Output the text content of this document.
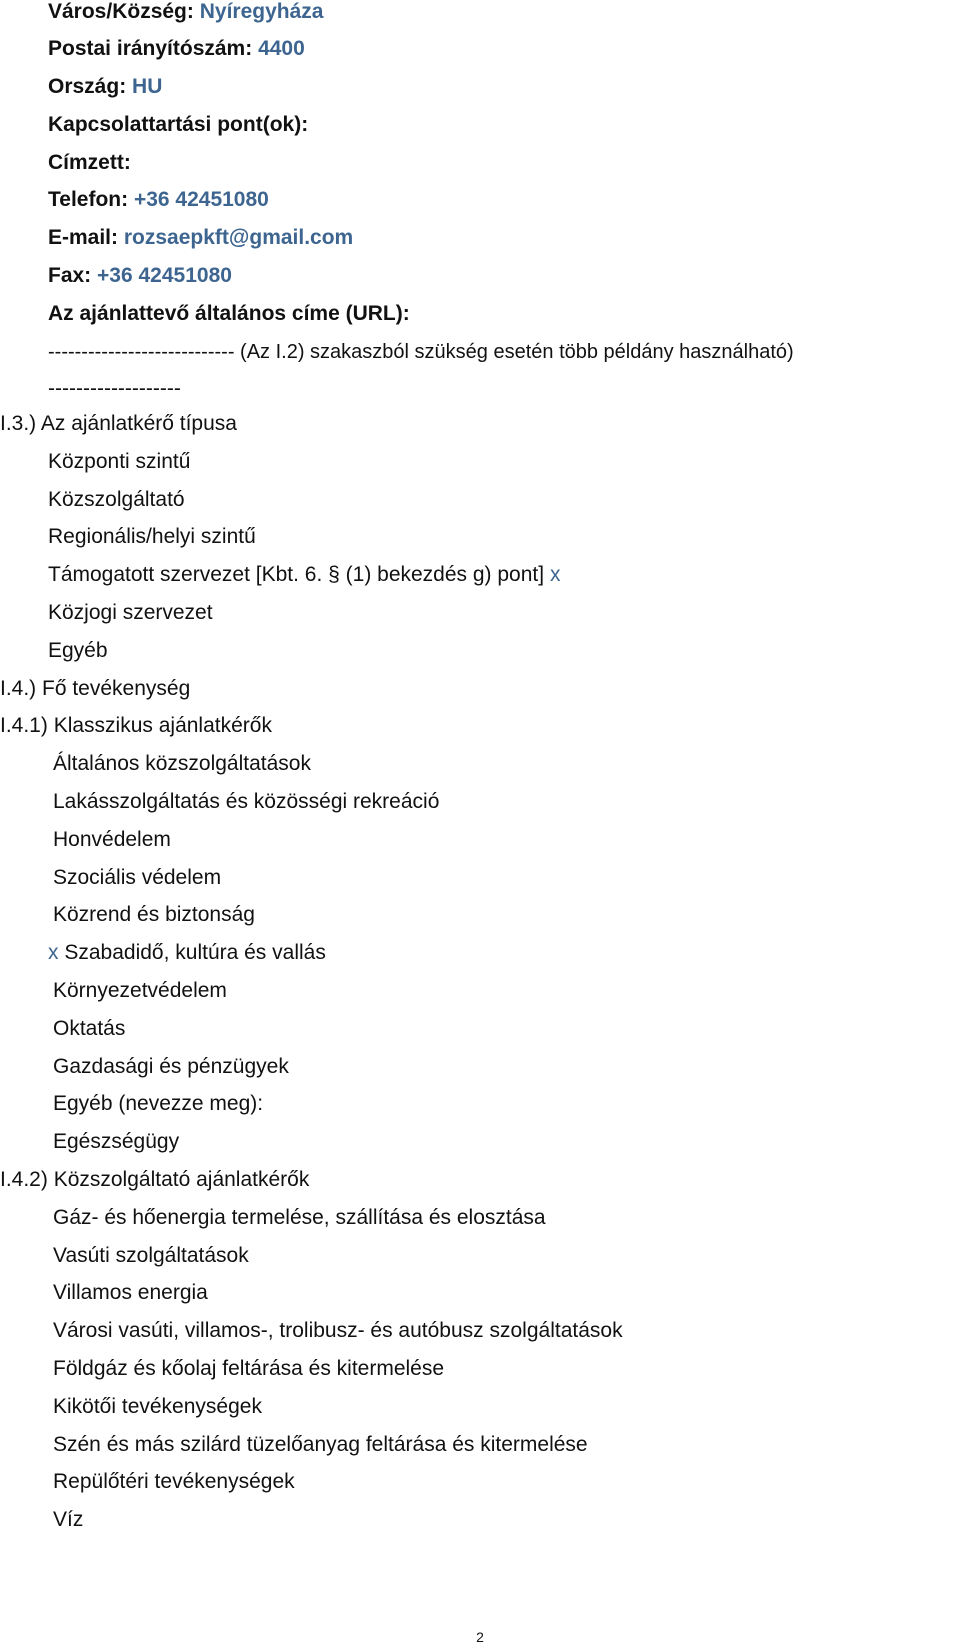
Város/Község: Nyíregyháza
Postai irányítószám: 4400
Ország: HU
Kapcsolattartási pont(ok):
Címzett:
Telefon: +36 42451080
E-mail: rozsaepkft@gmail.com
Fax: +36 42451080
Az ajánlattevő általános címe (URL):
---------------------------- (Az I.2) szakaszból szükség esetén több példány használható)
-------------------
I.3.) Az ajánlatkérő típusa
Központi szintű
Közszolgáltató
Regionális/helyi szintű
Támogatott szervezet [Kbt. 6. § (1) bekezdés g) pont] x
Közjogi szervezet
Egyéb
I.4.) Fő tevékenység
I.4.1) Klasszikus ajánlatkérők
Általános közszolgáltatások
Lakásszolgáltatás és közösségi rekreáció
Honvédelem
Szociális védelem
Közrend és biztonság
x Szabadidő, kultúra és vallás
Környezetvédelem
Oktatás
Gazdasági és pénzügyek
Egyéb (nevezze meg):
Egészségügy
I.4.2) Közszolgáltató ajánlatkérők
Gáz- és hőenergia termelése, szállítása és elosztása
Vasúti szolgáltatások
Villamos energia
Városi vasúti, villamos-, trolibusz- és autóbusz szolgáltatások
Földgáz és kőolaj feltárása és kitermelése
Kikötői tevékenységek
Szén és más szilárd tüzelőanyag feltárása és kitermelése
Repülőtéri tevékenységek
Víz
2
